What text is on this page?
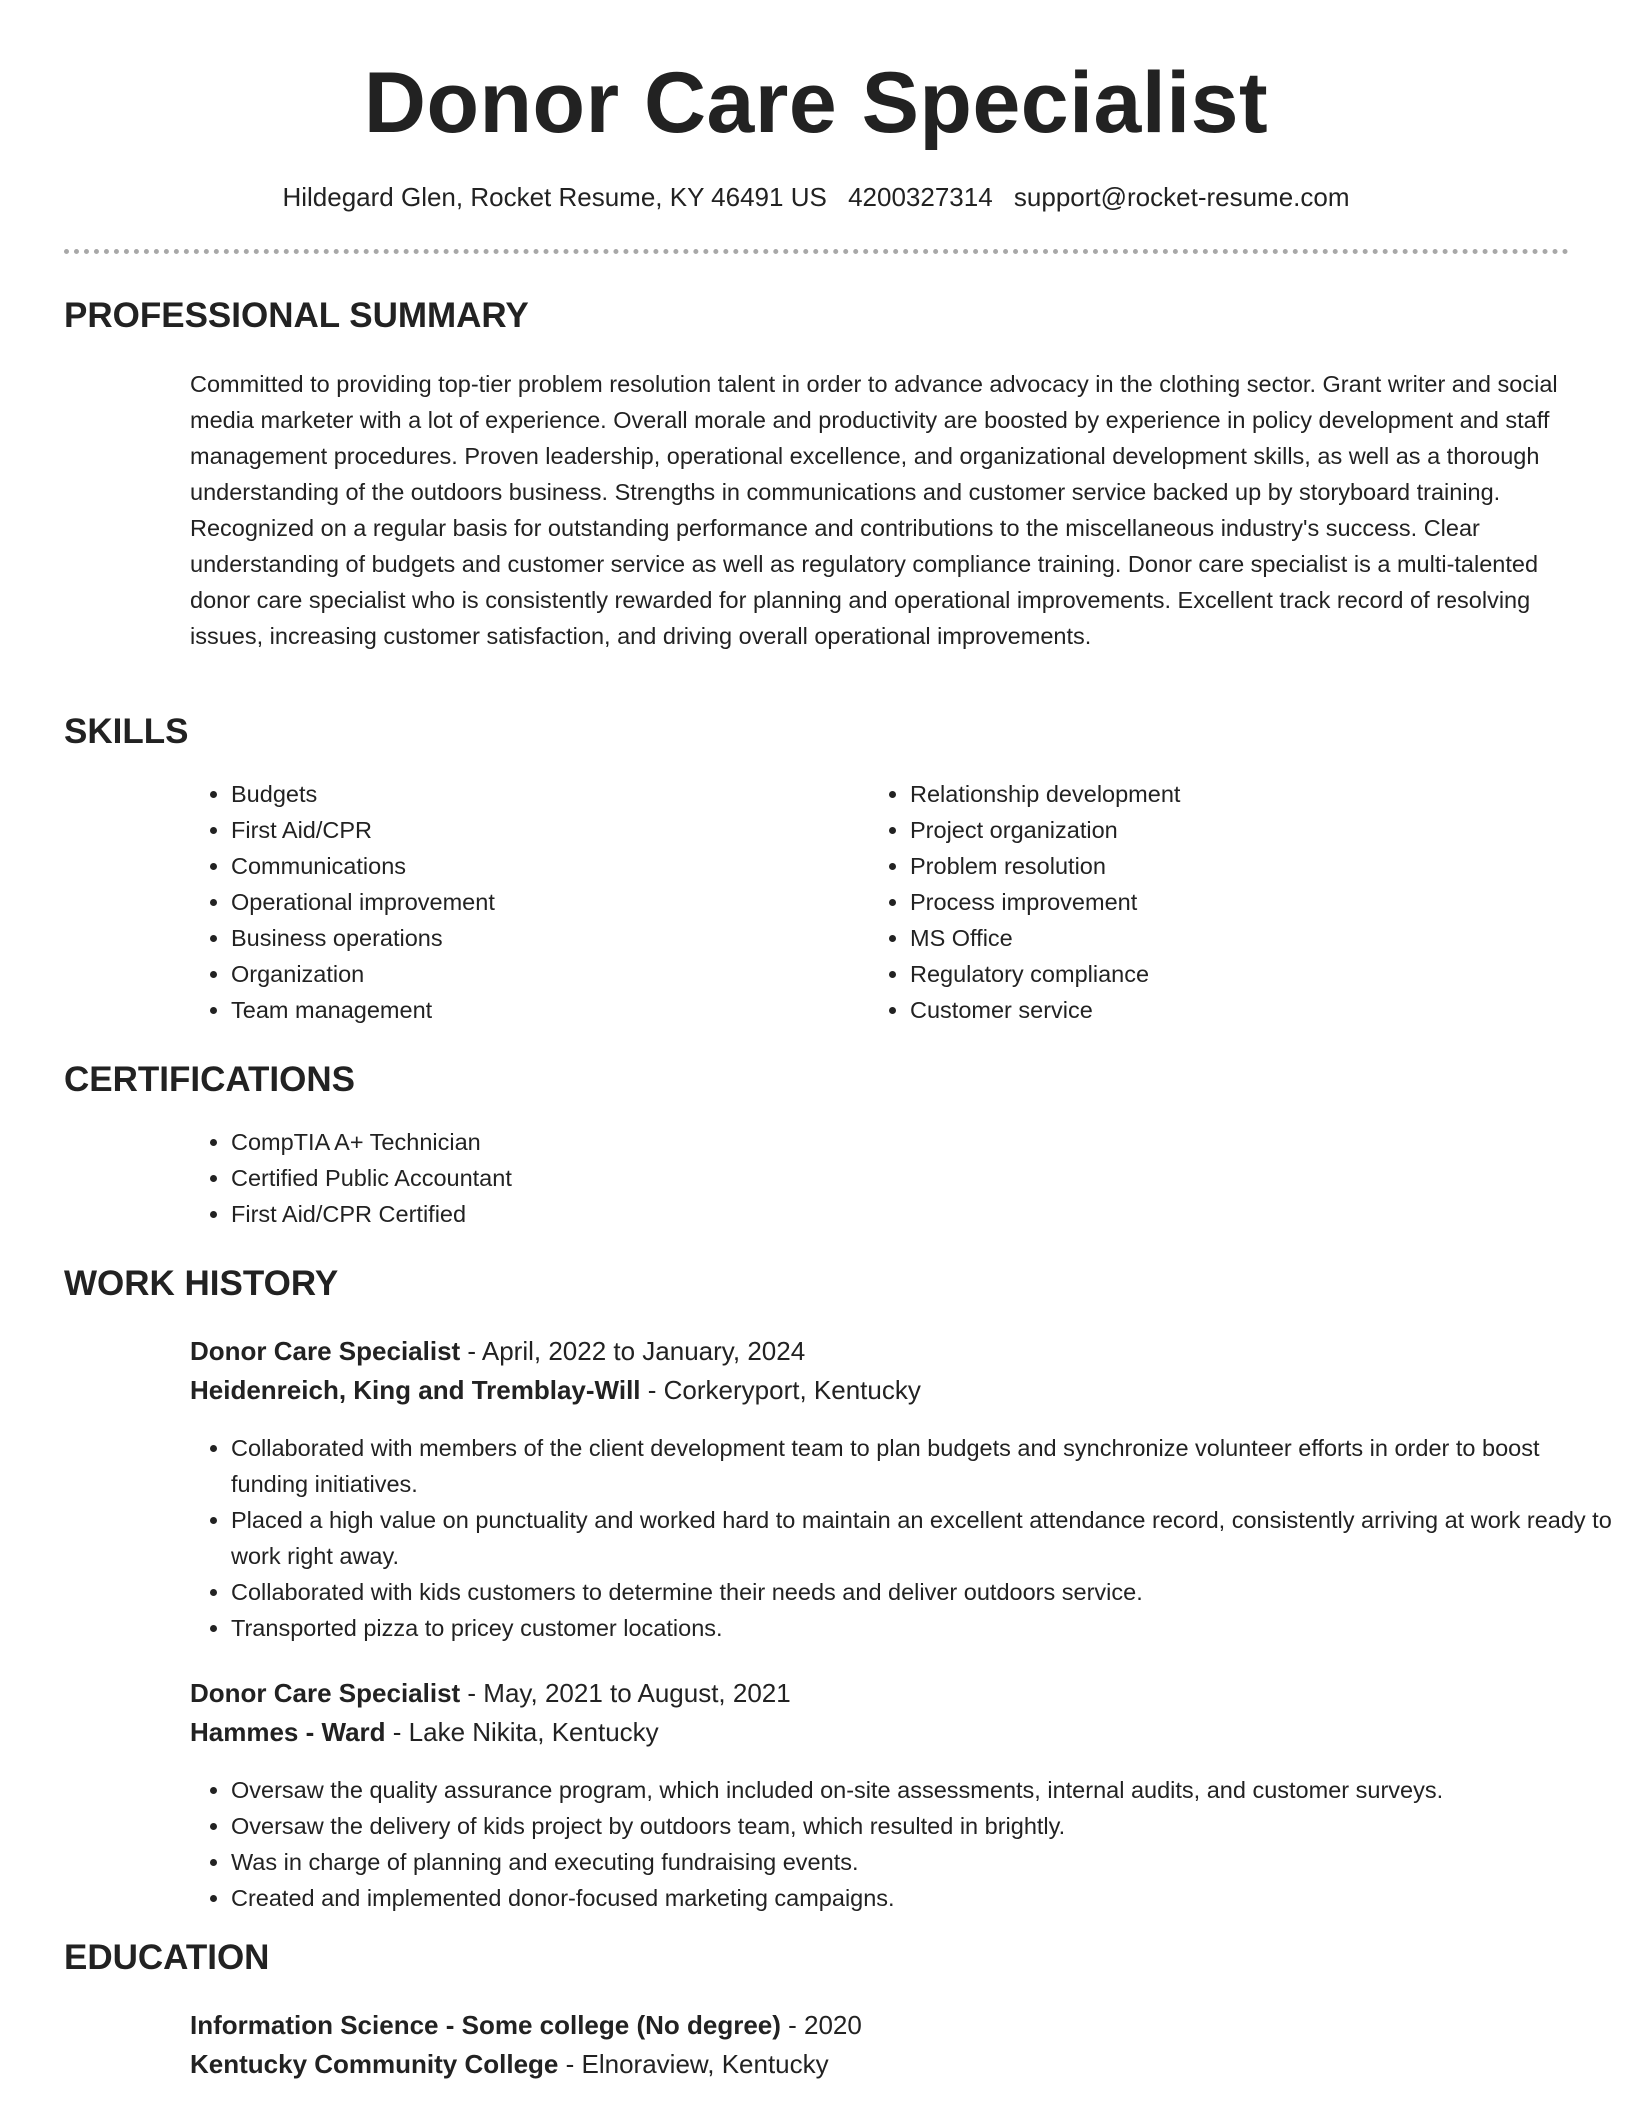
Donor Care Specialist
Hildegard Glen, Rocket Resume, KY 46491 US 4200327314 support@rocket-resume.com
PROFESSIONAL SUMMARY
Committed to providing top-tier problem resolution talent in order to advance advocacy in the clothing sector. Grant writer and social media marketer with a lot of experience. Overall morale and productivity are boosted by experience in policy development and staff management procedures. Proven leadership, operational excellence, and organizational development skills, as well as a thorough understanding of the outdoors business. Strengths in communications and customer service backed up by storyboard training. Recognized on a regular basis for outstanding performance and contributions to the miscellaneous industry's success. Clear understanding of budgets and customer service as well as regulatory compliance training. Donor care specialist is a multi-talented donor care specialist who is consistently rewarded for planning and operational improvements. Excellent track record of resolving issues, increasing customer satisfaction, and driving overall operational improvements.
SKILLS
• Budgets
• First Aid/CPR
• Communications
• Operational improvement
• Business operations
• Organization
• Team management
• Relationship development
• Project organization
• Problem resolution
• Process improvement
• MS Office
• Regulatory compliance
• Customer service
CERTIFICATIONS
• CompTIA A+ Technician
• Certified Public Accountant
• First Aid/CPR Certified
WORK HISTORY
Donor Care Specialist - April, 2022 to January, 2024
Heidenreich, King and Tremblay-Will - Corkeryport, Kentucky
• Collaborated with members of the client development team to plan budgets and synchronize volunteer efforts in order to boost funding initiatives.
• Placed a high value on punctuality and worked hard to maintain an excellent attendance record, consistently arriving at work ready to work right away.
• Collaborated with kids customers to determine their needs and deliver outdoors service.
• Transported pizza to pricey customer locations.
Donor Care Specialist - May, 2021 to August, 2021
Hammes - Ward - Lake Nikita, Kentucky
• Oversaw the quality assurance program, which included on-site assessments, internal audits, and customer surveys.
• Oversaw the delivery of kids project by outdoors team, which resulted in brightly.
• Was in charge of planning and executing fundraising events.
• Created and implemented donor-focused marketing campaigns.
EDUCATION
Information Science - Some college (No degree) - 2020
Kentucky Community College - Elnoraview, Kentucky
